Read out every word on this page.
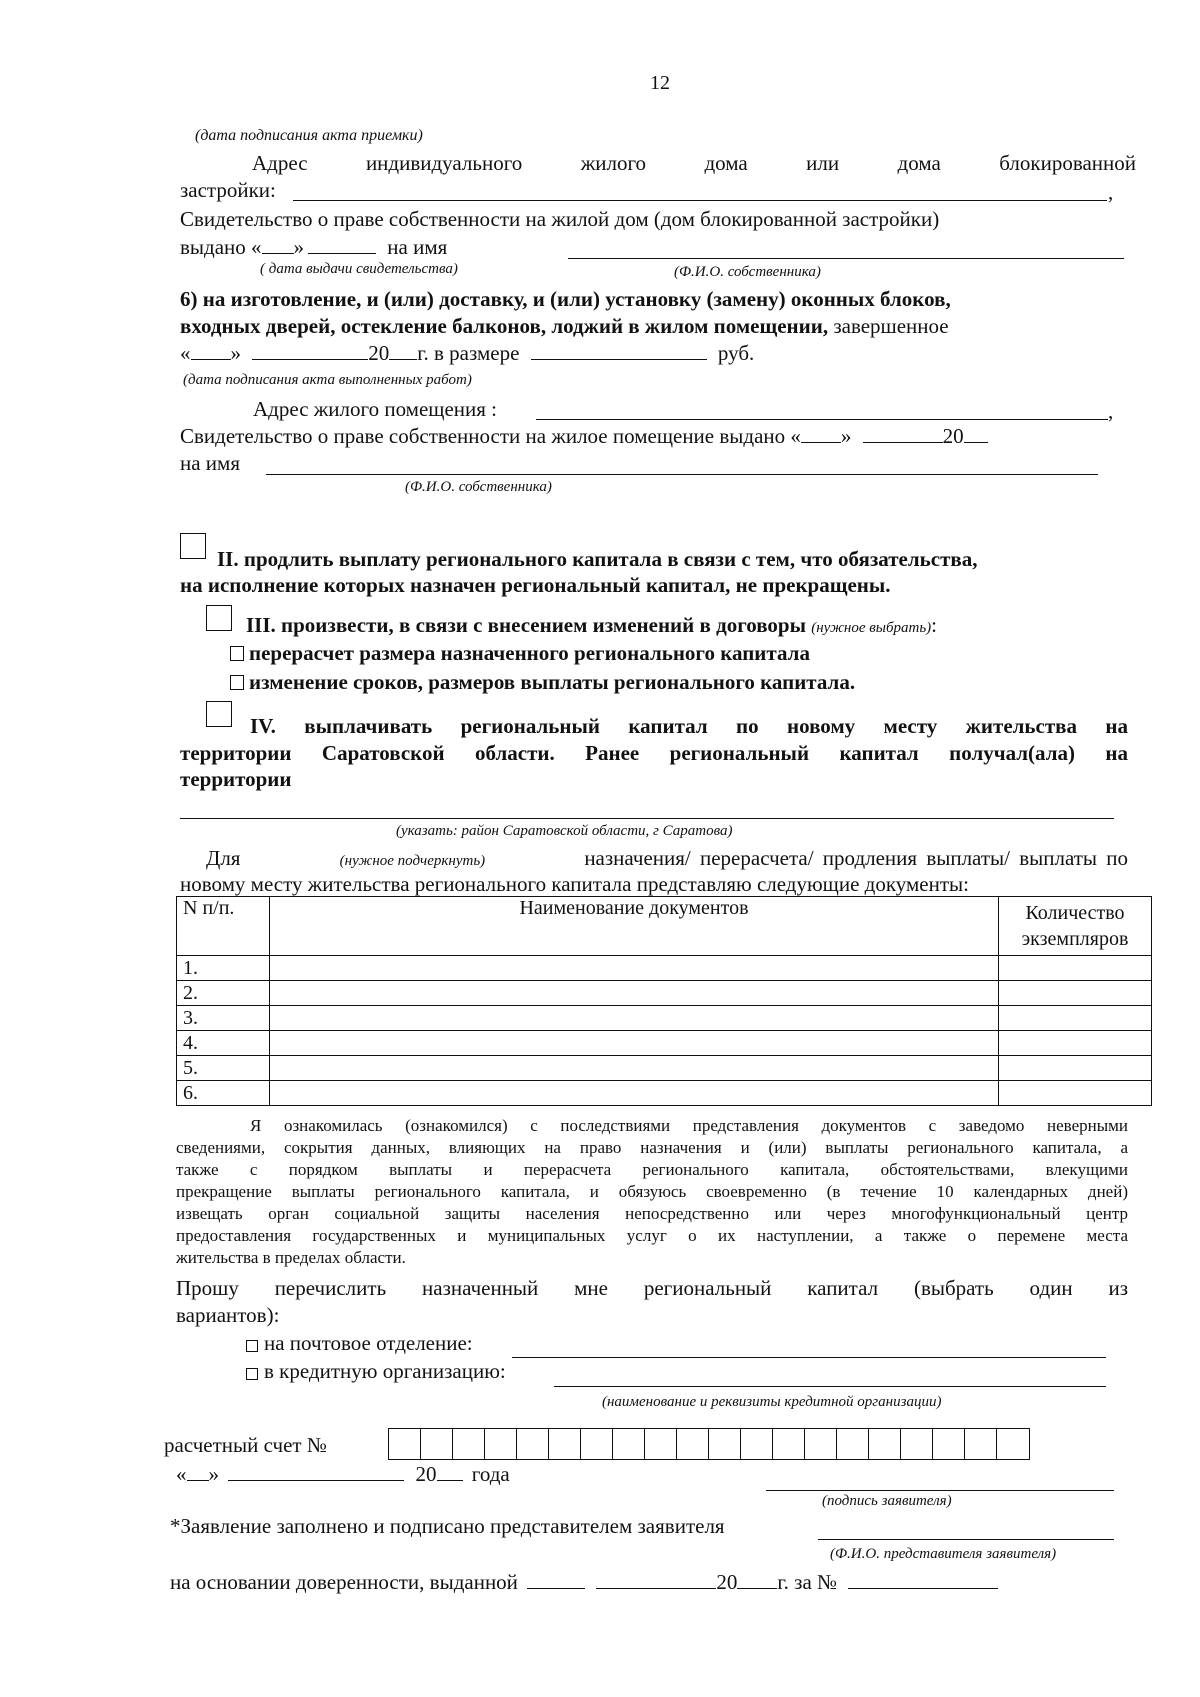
12
(дата подписания акта приемки)
Адрес	индивидуального	жилого	дома	или	дома	блокированной
застройки:	,
Свидетельство о праве собственности на жилой дом (дом блокированной застройки)
выдано « »	на имя
( дата выдачи свидетельства)	(Ф.И.О. собственника)
6) на изготовление, и (или) доставку, и (или) установку (замену) оконных блоков,
входных дверей, остекление балконов, лоджий в жилом помещении, завершенное
« »	20 г. в размере	руб.
(дата подписания акта выполненных работ)
Адрес жилого помещения :	,
Свидетельство о праве собственности на жилое помещение выдано « »	20
на имя
(Ф.И.О. собственника)
II. продлить выплату регионального капитала в связи с тем, что обязательства,
на исполнение которых назначен региональный капитал, не прекращены.
III. произвести, в связи с внесением изменений в договоры (нужное выбрать):
перерасчет размера назначенного регионального капитала
изменение сроков, размеров выплаты регионального капитала.
IV. выплачивать региональный капитал по новому месту жительства на
территории Саратовской области. Ранее региональный капитал получал(ала) на
территории
(указать: район Саратовской области, г Саратова)
Для	(нужное подчеркнуть)	назначения/ перерасчета/ продления выплаты/ выплаты по
новому месту жительства регионального капитала представляю следующие документы:
N п/п.	Наименование документов	Количество
экземпляров
1.		
2.		
3.		
4.		
5.		
6.		
Я ознакомилась (ознакомился) с последствиями представления документов с заведомо неверными
сведениями, сокрытия данных, влияющих на право назначения и (или) выплаты регионального капитала, а
также с порядком выплаты и перерасчета регионального капитала, обстоятельствами, влекущими
прекращение выплаты регионального капитала, и обязуюсь своевременно (в течение 10 календарных дней)
извещать орган социальной защиты населения непосредственно или через многофункциональный центр
предоставления государственных и муниципальных услуг о их наступлении, а также о перемене места
жительства в пределах области.
Прошу перечислить назначенный мне региональный капитал (выбрать один из
вариантов):
на почтовое отделение:
в кредитную организацию:
(наименование и реквизиты кредитной организации)
расчетный счет №
« »	20 года
(подпись заявителя)
*Заявление заполнено и подписано представителем заявителя
(Ф.И.О. представителя заявителя)
на основании доверенности, выданной	20 г. за №
